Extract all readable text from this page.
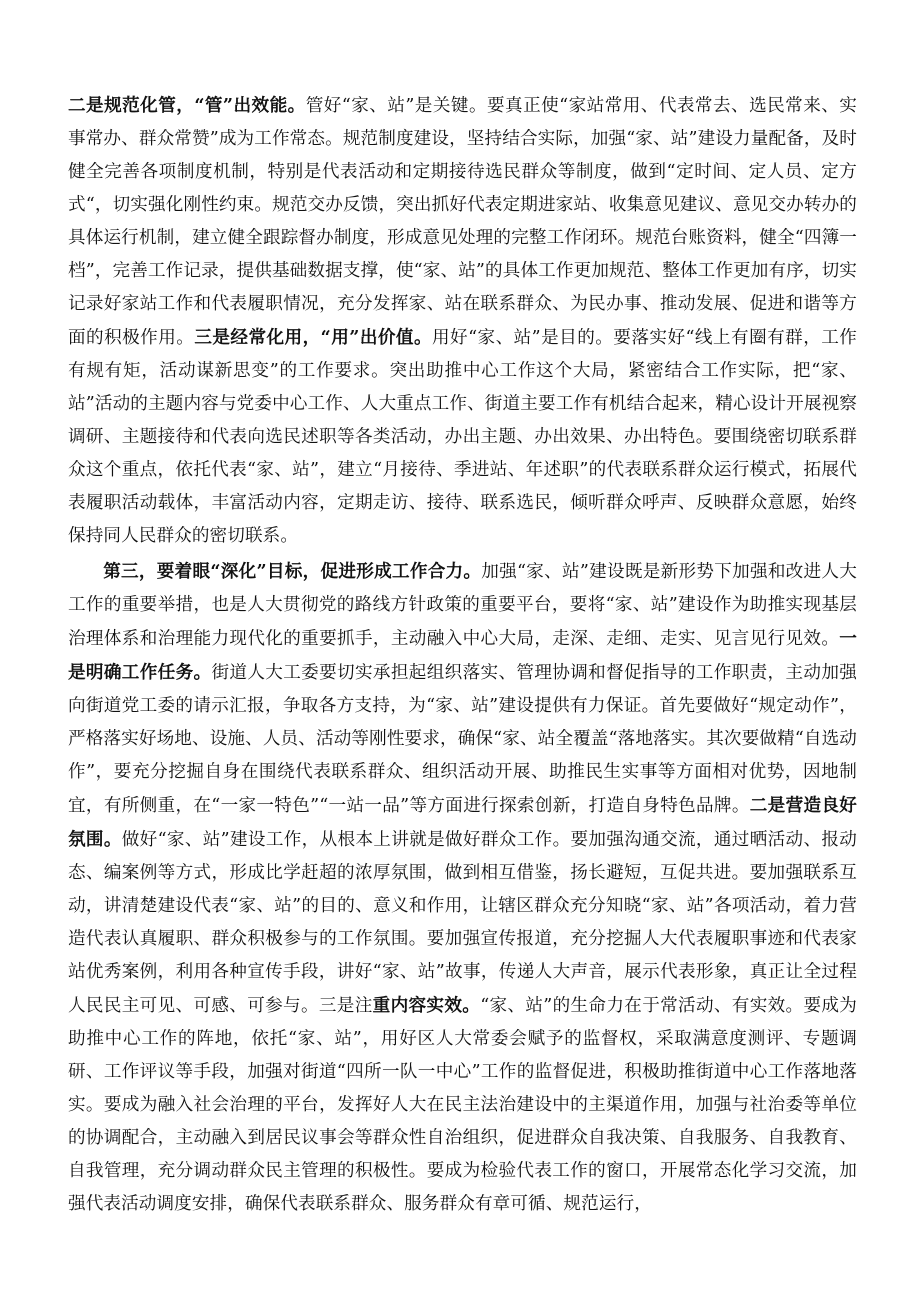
二是规范化管，“管”出效能。管好“家、站”是关键。要真正使“家站常用、代表常去、选民常来、实事常办、群众常赞”成为工作常态。规范制度建设，坚持结合实际，加强“家、站”建设力量配备，及时健全完善各项制度机制，特别是代表活动和定期接待选民群众等制度，做到“定时间、定人员、定方式“，切实强化刚性约束。规范交办反馈，突出抓好代表定期进家站、收集意见建议、意见交办转办的具体运行机制，建立健全跟踪督办制度，形成意见处理的完整工作闭环。规范台账资料，健全“四簿一档”，完善工作记录，提供基础数据支撑，使“家、站”的具体工作更加规范、整体工作更加有序，切实记录好家站工作和代表履职情况，充分发挥家、站在联系群众、为民办事、推动发展、促进和谐等方面的积极作用。三是经常化用，“用”出价值。用好“家、站”是目的。要落实好“线上有圈有群，工作有规有矩，活动谋新思变”的工作要求。突出助推中心工作这个大局，紧密结合工作实际，把“家、站”活动的主题内容与党委中心工作、人大重点工作、街道主要工作有机结合起来，精心设计开展视察调研、主题接待和代表向选民述职等各类活动，办出主题、办出效果、办出特色。要围绕密切联系群众这个重点，依托代表“家、站”，建立“月接待、季进站、年述职”的代表联系群众运行模式，拓展代表履职活动载体，丰富活动内容，定期走访、接待、联系选民，倾听群众呼声、反映群众意愿，始终保持同人民群众的密切联系。

第三，要着眼“深化”目标，促进形成工作合力。加强“家、站”建设既是新形势下加强和改进人大工作的重要举措，也是人大贯彻党的路线方针政策的重要平台，要将“家、站”建设作为助推实现基层治理体系和治理能力现代化的重要抓手，主动融入中心大局，走深、走细、走实、见言见行见效。一是明确工作任务。街道人大工委要切实承担起组织落实、管理协调和督促指导的工作职责，主动加强向街道党工委的请示汇报，争取各方支持，为“家、站”建设提供有力保证。首先要做好“规定动作”，严格落实好场地、设施、人员、活动等刚性要求，确保“家、站全覆盖“落地落实。其次要做精“自选动作”，要充分挖掘自身在围绕代表联系群众、组织活动开展、助推民生实事等方面相对优势，因地制宜，有所侧重，在“一家一特色”“一站一品”等方面进行探索创新，打造自身特色品牌。二是营造良好氛围。做好“家、站”建设工作，从根本上讲就是做好群众工作。要加强沟通交流，通过晒活动、报动态、编案例等方式，形成比学赶超的浓厚氛围，做到相互借鉴，扬长避短，互促共进。要加强联系互动，讲清楚建设代表“家、站”的目的、意义和作用，让辖区群众充分知晓“家、站”各项活动，着力营造代表认真履职、群众积极参与的工作氛围。要加强宣传报道，充分挖掘人大代表履职事迹和代表家站优秀案例，利用各种宣传手段，讲好“家、站”故事，传递人大声音，展示代表形象，真正让全过程人民民主可见、可感、可参与。三是注重内容实效。“家、站”的生命力在于常活动、有实效。要成为助推中心工作的阵地，依托“家、站”，用好区人大常委会赋予的监督权，采取满意度测评、专题调研、工作评议等手段，加强对街道“四所一队一中心”工作的监督促进，积极助推街道中心工作落地落实。要成为融入社会治理的平台，发挥好人大在民主法治建设中的主渠道作用，加强与社治委等单位的协调配合，主动融入到居民议事会等群众性自治组织，促进群众自我决策、自我服务、自我教育、自我管理，充分调动群众民主管理的积极性。要成为检验代表工作的窗口，开展常态化学习交流，加强代表活动调度安排，确保代表联系群众、服务群众有章可循、规范运行，
